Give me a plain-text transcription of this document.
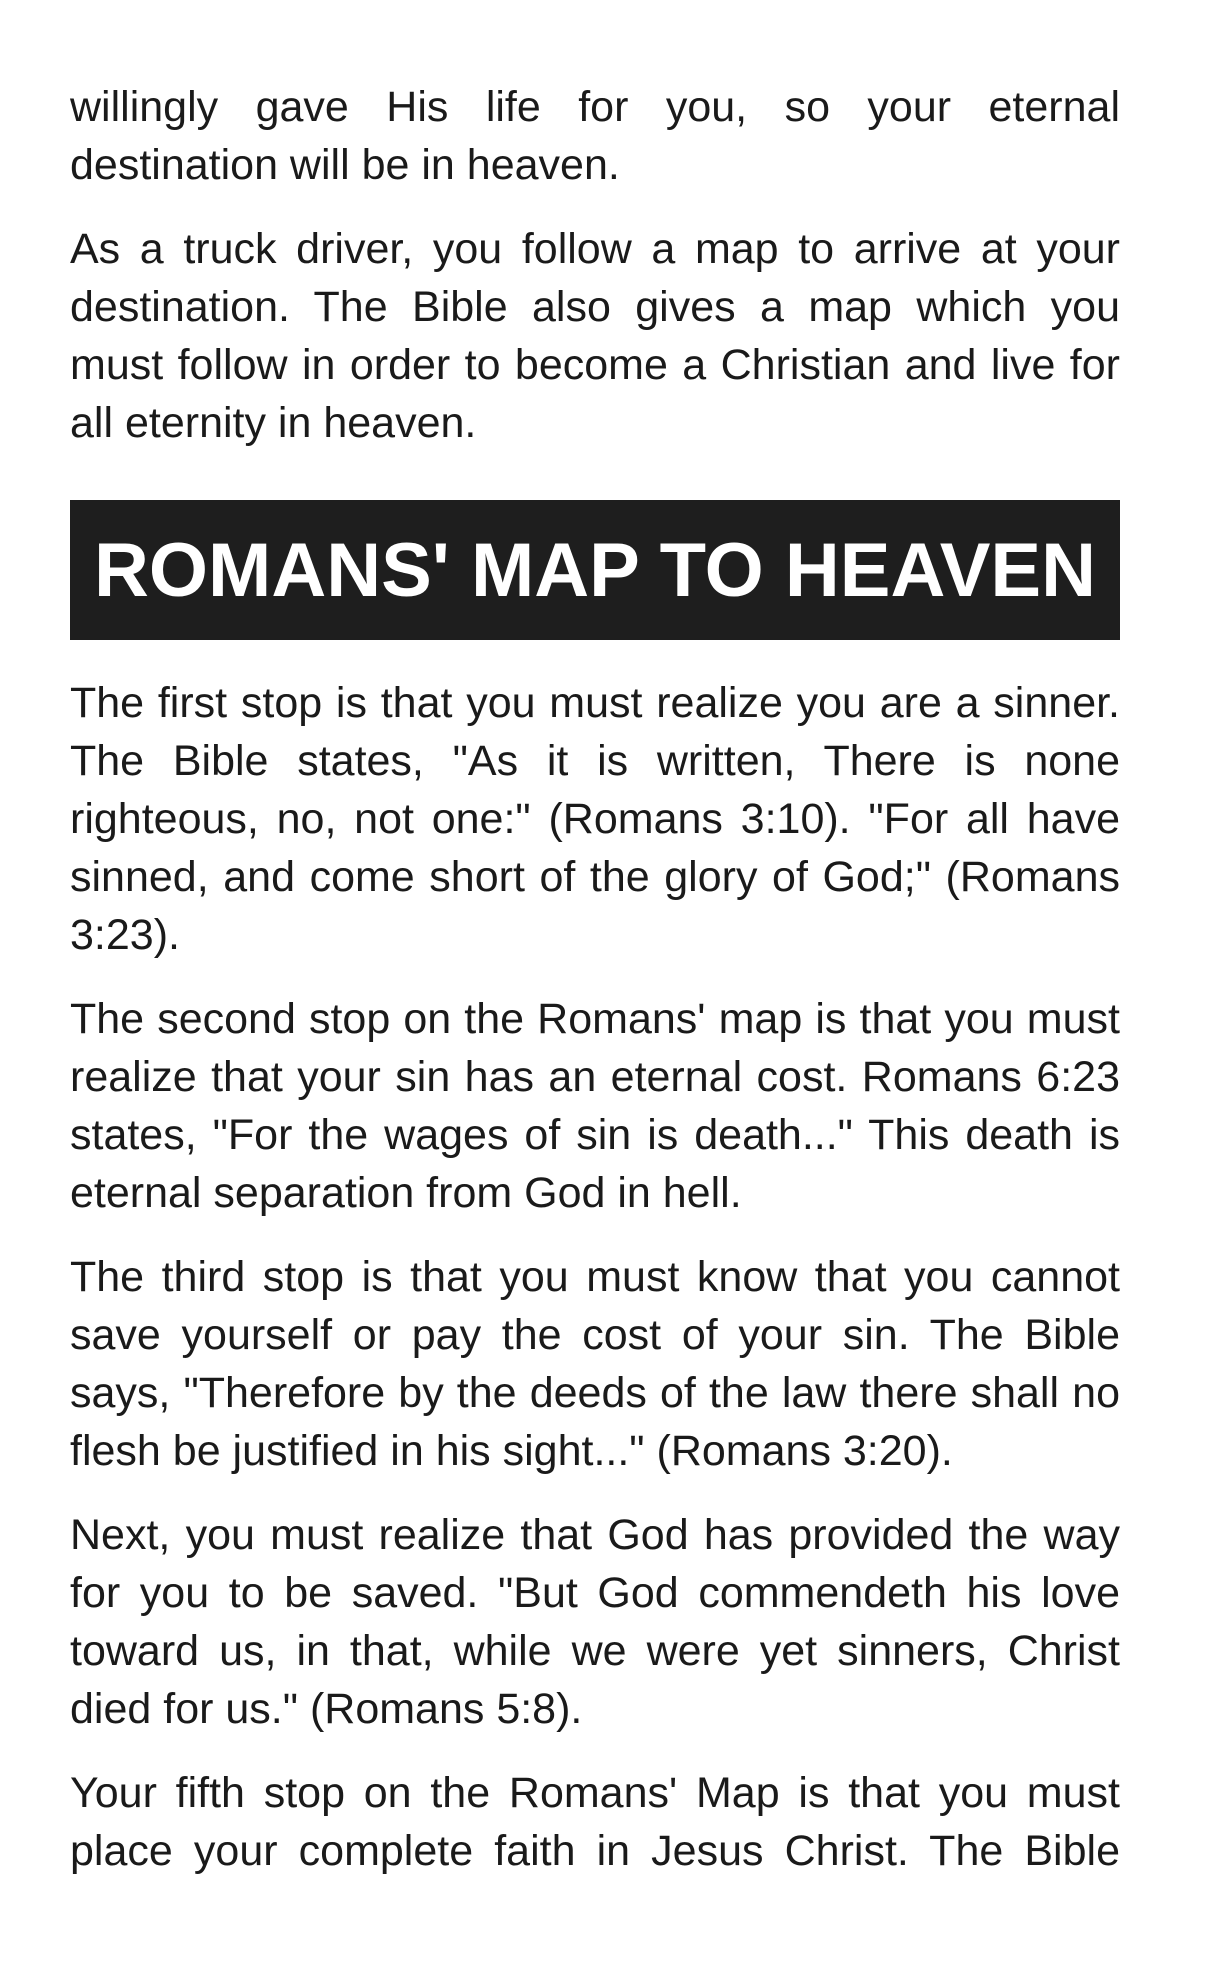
willingly gave His life for you, so your eternal destination will be in heaven.

As a truck driver, you follow a map to arrive at your destination. The Bible also gives a map which you must follow in order to become a Christian and live for all eternity in heaven.

ROMANS' MAP TO HEAVEN

The first stop is that you must realize you are a sinner. The Bible states, "As it is written, There is none righteous, no, not one:" (Romans 3:10). "For all have sinned, and come short of the glory of God;" (Romans 3:23).

The second stop on the Romans' map is that you must realize that your sin has an eternal cost. Romans 6:23 states, "For the wages of sin is death..." This death is eternal separation from God in hell.

The third stop is that you must know that you cannot save yourself or pay the cost of your sin. The Bible says, "Therefore by the deeds of the law there shall no flesh be justified in his sight..." (Romans 3:20).

Next, you must realize that God has provided the way for you to be saved. "But God commendeth his love toward us, in that, while we were yet sinners, Christ died for us." (Romans 5:8).

Your fifth stop on the Romans' Map is that you must place your complete faith in Jesus Christ. The Bible
